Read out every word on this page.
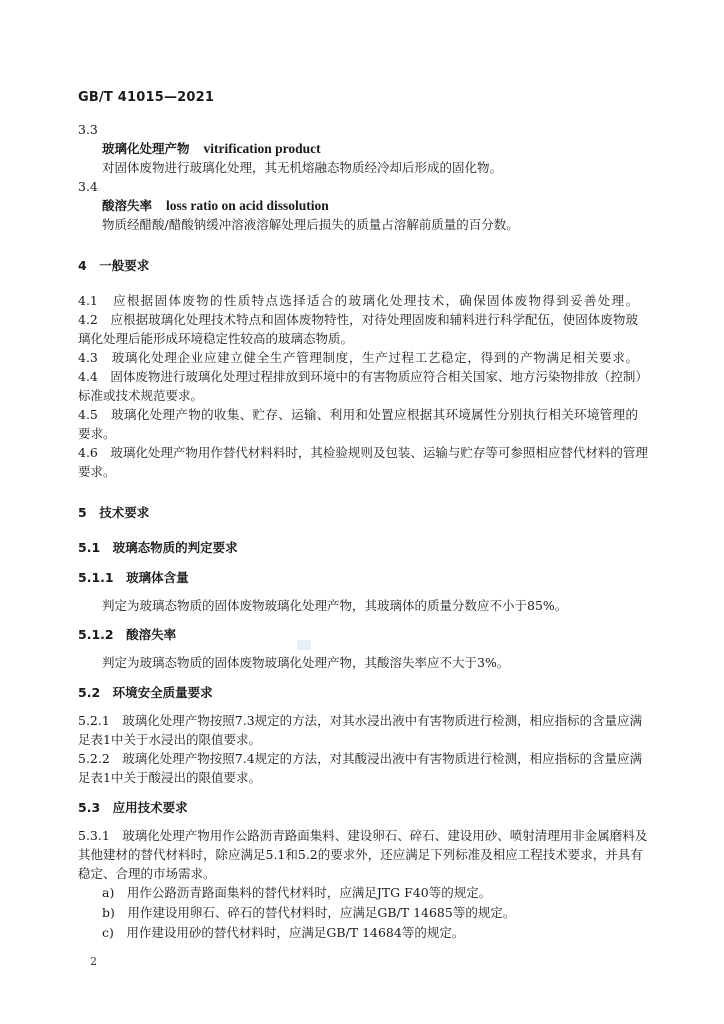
GB/T 41015—2021
3.3
玻璃化处理产物 vitrification product
对固体废物进行玻璃化处理，其无机熔融态物质经冷却后形成的固化物。
3.4
酸溶失率 loss ratio on acid dissolution
物质经醋酸/醋酸钠缓冲溶液溶解处理后损失的质量占溶解前质量的百分数。
4　一般要求
4.1　应根据固体废物的性质特点选择适合的玻璃化处理技术，确保固体废物得到妥善处理。
4.2　应根据玻璃化处理技术特点和固体废物特性，对待处理固废和辅料进行科学配伍，使固体废物玻
璃化处理后能形成环境稳定性较高的玻璃态物质。
4.3　玻璃化处理企业应建立健全生产管理制度，生产过程工艺稳定，得到的产物满足相关要求。
4.4　固体废物进行玻璃化处理过程排放到环境中的有害物质应符合相关国家、地方污染物排放（控制）
标准或技术规范要求。
4.5　玻璃化处理产物的收集、贮存、运输、利用和处置应根据其环境属性分别执行相关环境管理的
要求。
4.6　玻璃化处理产物用作替代材料料时，其检验规则及包装、运输与贮存等可参照相应替代材料的管理
要求。
5　技术要求
5.1　玻璃态物质的判定要求
5.1.1　玻璃体含量
判定为玻璃态物质的固体废物玻璃化处理产物，其玻璃体的质量分数应不小于85%。
5.1.2　酸溶失率
判定为玻璃态物质的固体废物玻璃化处理产物，其酸溶失率应不大于3%。
5.2　环境安全质量要求
5.2.1　玻璃化处理产物按照7.3规定的方法，对其水浸出液中有害物质进行检测，相应指标的含量应满
足表1中关于水浸出的限值要求。
5.2.2　玻璃化处理产物按照7.4规定的方法，对其酸浸出液中有害物质进行检测，相应指标的含量应满
足表1中关于酸浸出的限值要求。
5.3　应用技术要求
5.3.1　玻璃化处理产物用作公路沥青路面集料、建设卵石、碎石、建设用砂、喷射清理用非金属磨料及
其他建材的替代材料时，除应满足5.1和5.2的要求外，还应满足下列标准及相应工程技术要求，并具有
稳定、合理的市场需求。
a)　用作公路沥青路面集料的替代材料时，应满足JTG F40等的规定。
b)　用作建设用卵石、碎石的替代材料时，应满足GB/T 14685等的规定。
c)　用作建设用砂的替代材料时，应满足GB/T 14684等的规定。
2
